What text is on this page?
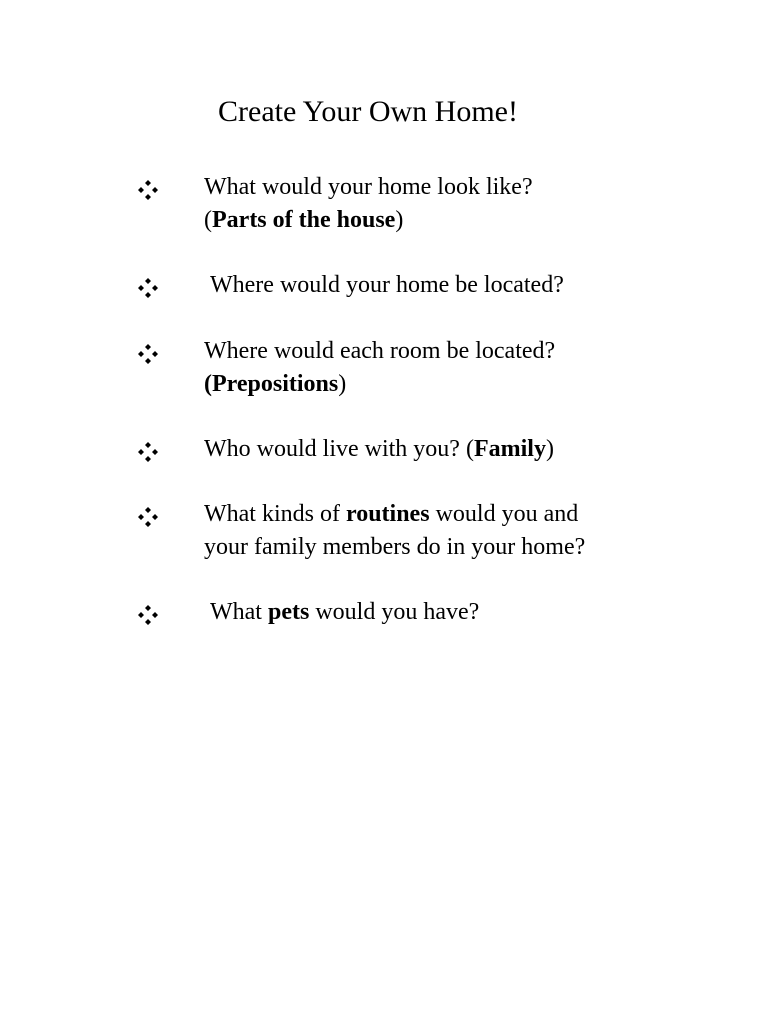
Create Your Own Home!
What would your home look like?
(Parts of the house)
Where would your home be located?
Where would each room be located?
(Prepositions)
Who would live with you? (Family)
What kinds of routines would you and
your family members do in your home?
What pets would you have?
